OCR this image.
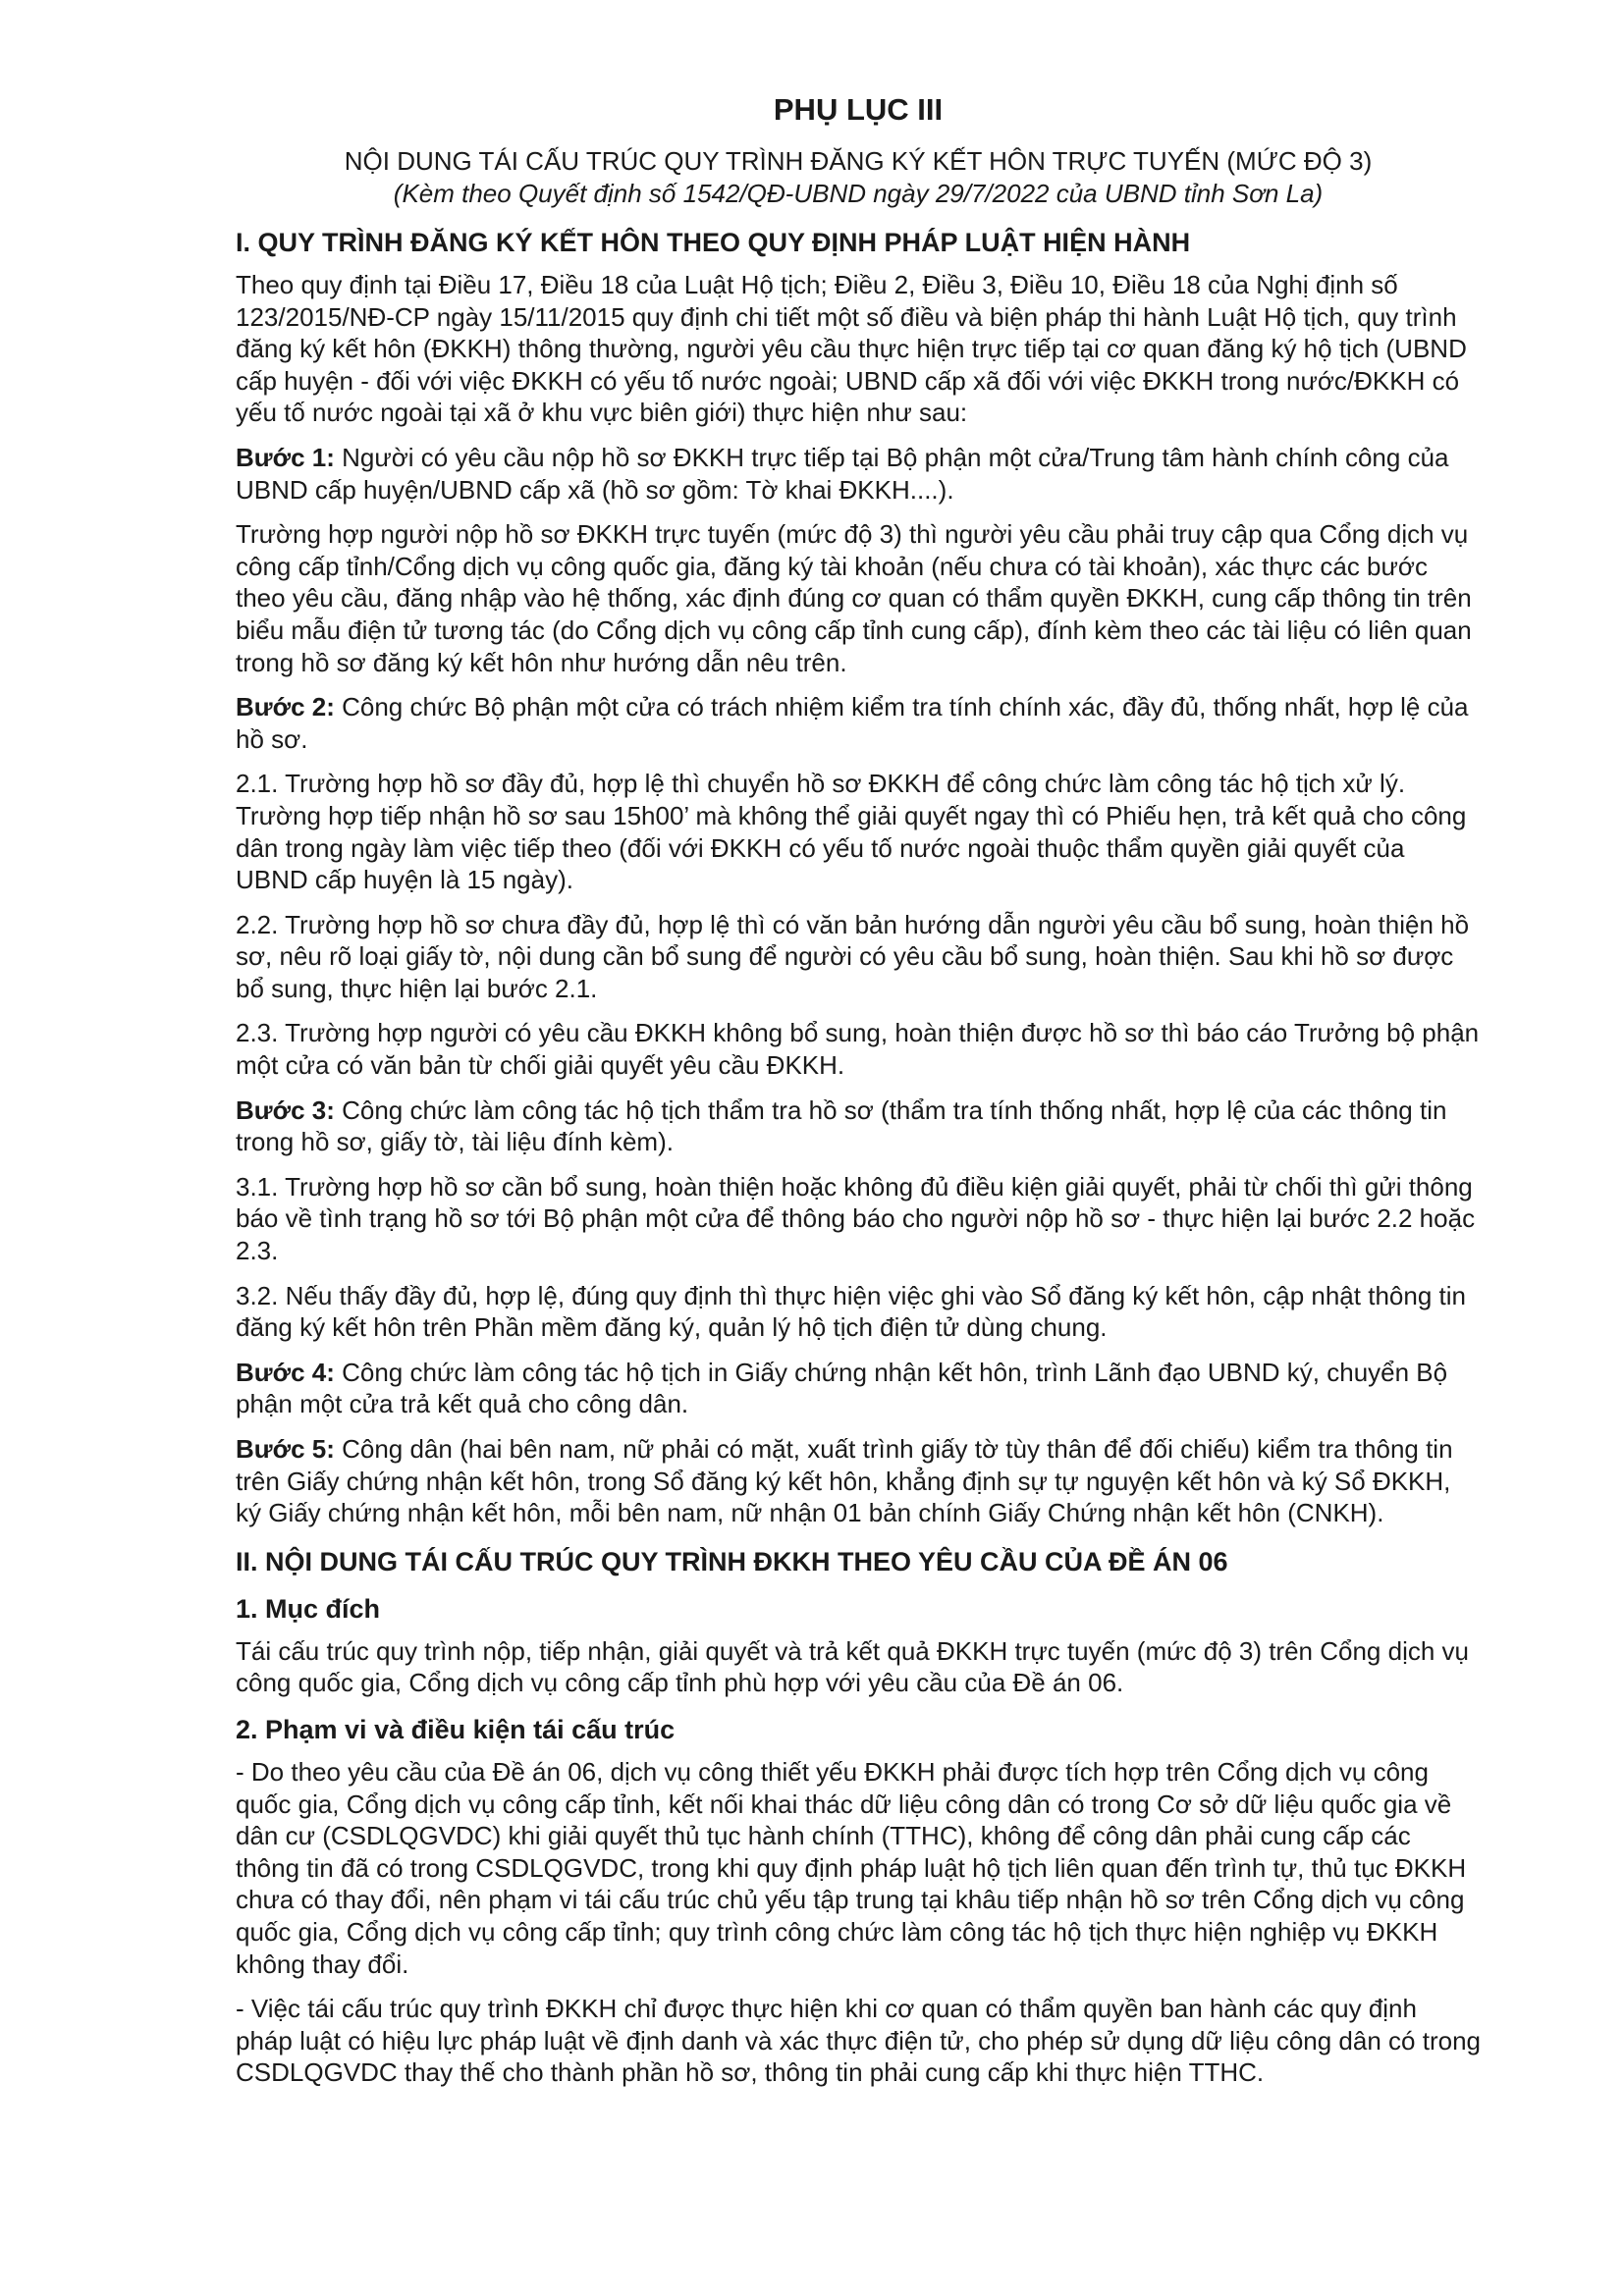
PHỤ LỤC III
NỘI DUNG TÁI CẤU TRÚC QUY TRÌNH ĐĂNG KÝ KẾT HÔN TRỰC TUYẾN (MỨC ĐỘ 3)
(Kèm theo Quyết định số 1542/QĐ-UBND ngày 29/7/2022 của UBND tỉnh Sơn La)
I. QUY TRÌNH ĐĂNG KÝ KẾT HÔN THEO QUY ĐỊNH PHÁP LUẬT HIỆN HÀNH

Theo quy định tại Điều 17, Điều 18 của Luật Hộ tịch; Điều 2, Điều 3, Điều 10, Điều 18 của Nghị định số 123/2015/NĐ-CP ngày 15/11/2015 quy định chi tiết một số điều và biện pháp thi hành Luật Hộ tịch, quy trình đăng ký kết hôn (ĐKKH) thông thường, người yêu cầu thực hiện trực tiếp tại cơ quan đăng ký hộ tịch (UBND cấp huyện - đối với việc ĐKKH có yếu tố nước ngoài; UBND cấp xã đối với việc ĐKKH trong nước/ĐKKH có yếu tố nước ngoài tại xã ở khu vực biên giới) thực hiện như sau:

Bước 1: Người có yêu cầu nộp hồ sơ ĐKKH trực tiếp tại Bộ phận một cửa/Trung tâm hành chính công của UBND cấp huyện/UBND cấp xã (hồ sơ gồm: Tờ khai ĐKKH....).

Trường hợp người nộp hồ sơ ĐKKH trực tuyến (mức độ 3) thì người yêu cầu phải truy cập qua Cổng dịch vụ công cấp tỉnh/Cổng dịch vụ công quốc gia, đăng ký tài khoản (nếu chưa có tài khoản), xác thực các bước theo yêu cầu, đăng nhập vào hệ thống, xác định đúng cơ quan có thẩm quyền ĐKKH, cung cấp thông tin trên biểu mẫu điện tử tương tác (do Cổng dịch vụ công cấp tỉnh cung cấp), đính kèm theo các tài liệu có liên quan trong hồ sơ đăng ký kết hôn như hướng dẫn nêu trên.

Bước 2: Công chức Bộ phận một cửa có trách nhiệm kiểm tra tính chính xác, đầy đủ, thống nhất, hợp lệ của hồ sơ.

2.1. Trường hợp hồ sơ đầy đủ, hợp lệ thì chuyển hồ sơ ĐKKH để công chức làm công tác hộ tịch xử lý. Trường hợp tiếp nhận hồ sơ sau 15h00’ mà không thể giải quyết ngay thì có Phiếu hẹn, trả kết quả cho công dân trong ngày làm việc tiếp theo (đối với ĐKKH có yếu tố nước ngoài thuộc thẩm quyền giải quyết của UBND cấp huyện là 15 ngày).

2.2. Trường hợp hồ sơ chưa đầy đủ, hợp lệ thì có văn bản hướng dẫn người yêu cầu bổ sung, hoàn thiện hồ sơ, nêu rõ loại giấy tờ, nội dung cần bổ sung để người có yêu cầu bổ sung, hoàn thiện. Sau khi hồ sơ được bổ sung, thực hiện lại bước 2.1.

2.3. Trường hợp người có yêu cầu ĐKKH không bổ sung, hoàn thiện được hồ sơ thì báo cáo Trưởng bộ phận một cửa có văn bản từ chối giải quyết yêu cầu ĐKKH.

Bước 3: Công chức làm công tác hộ tịch thẩm tra hồ sơ (thẩm tra tính thống nhất, hợp lệ của các thông tin trong hồ sơ, giấy tờ, tài liệu đính kèm).

3.1. Trường hợp hồ sơ cần bổ sung, hoàn thiện hoặc không đủ điều kiện giải quyết, phải từ chối thì gửi thông báo về tình trạng hồ sơ tới Bộ phận một cửa để thông báo cho người nộp hồ sơ - thực hiện lại bước 2.2 hoặc 2.3.

3.2. Nếu thấy đầy đủ, hợp lệ, đúng quy định thì thực hiện việc ghi vào Sổ đăng ký kết hôn, cập nhật thông tin đăng ký kết hôn trên Phần mềm đăng ký, quản lý hộ tịch điện tử dùng chung.

Bước 4: Công chức làm công tác hộ tịch in Giấy chứng nhận kết hôn, trình Lãnh đạo UBND ký, chuyển Bộ phận một cửa trả kết quả cho công dân.

Bước 5: Công dân (hai bên nam, nữ phải có mặt, xuất trình giấy tờ tùy thân để đối chiếu) kiểm tra thông tin trên Giấy chứng nhận kết hôn, trong Sổ đăng ký kết hôn, khẳng định sự tự nguyện kết hôn và ký Sổ ĐKKH, ký Giấy chứng nhận kết hôn, mỗi bên nam, nữ nhận 01 bản chính Giấy Chứng nhận kết hôn (CNKH).

II. NỘI DUNG TÁI CẤU TRÚC QUY TRÌNH ĐKKH THEO YÊU CẦU CỦA ĐỀ ÁN 06
1. Mục đích

Tái cấu trúc quy trình nộp, tiếp nhận, giải quyết và trả kết quả ĐKKH trực tuyến (mức độ 3) trên Cổng dịch vụ công quốc gia, Cổng dịch vụ công cấp tỉnh phù hợp với yêu cầu của Đề án 06.

2. Phạm vi và điều kiện tái cấu trúc

- Do theo yêu cầu của Đề án 06, dịch vụ công thiết yếu ĐKKH phải được tích hợp trên Cổng dịch vụ công quốc gia, Cổng dịch vụ công cấp tỉnh, kết nối khai thác dữ liệu công dân có trong Cơ sở dữ liệu quốc gia về dân cư (CSDLQGVDC) khi giải quyết thủ tục hành chính (TTHC), không để công dân phải cung cấp các thông tin đã có trong CSDLQGVDC, trong khi quy định pháp luật hộ tịch liên quan đến trình tự, thủ tục ĐKKH chưa có thay đổi, nên phạm vi tái cấu trúc chủ yếu tập trung tại khâu tiếp nhận hồ sơ trên Cổng dịch vụ công quốc gia, Cổng dịch vụ công cấp tỉnh; quy trình công chức làm công tác hộ tịch thực hiện nghiệp vụ ĐKKH không thay đổi.

- Việc tái cấu trúc quy trình ĐKKH chỉ được thực hiện khi cơ quan có thẩm quyền ban hành các quy định pháp luật có hiệu lực pháp luật về định danh và xác thực điện tử, cho phép sử dụng dữ liệu công dân có trong CSDLQGVDC thay thế cho thành phần hồ sơ, thông tin phải cung cấp khi thực hiện TTHC.
